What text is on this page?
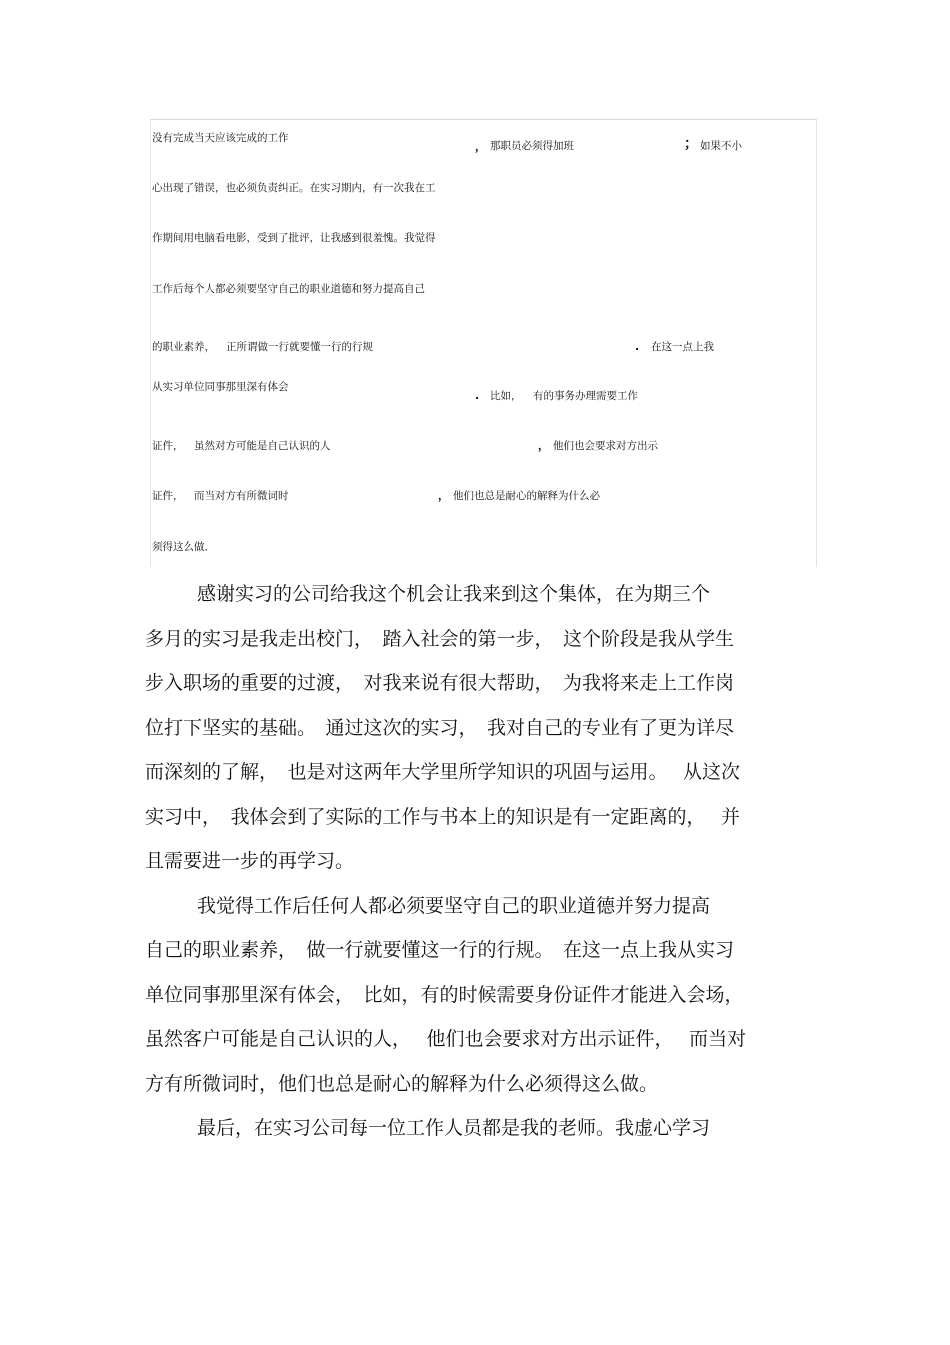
没有完成当天应该完成的工作
， 那职员必须得加班	； 如果不小
心出现了错误，也必须负责纠正。在实习期内，有一次我在工
作期间用电脑看电影，受到了批评，让我感到很羞愧。我觉得
工作后每个人都必须要坚守自己的职业道德和努力提高自己
的职业素养， 正所谓做一行就要懂一行的行规	. 在这一点上我
从实习单位同事那里深有体会
. 比如， 有的事务办理需要工作
证件， 虽然对方可能是自己认识的人	， 他们也会要求对方出示
证件， 而当对方有所微词时	， 他们也总是耐心的解释为什么必
须得这么做．

感谢实习的公司给我这个机会让我来到这个集体，在为期三个
多月的实习是我走出校门，　踏入社会的第一步，　这个阶段是我从学生
步入职场的重要的过渡，　对我来说有很大帮助，　为我将来走上工作岗
位打下坚实的基础。　通过这次的实习，　我对自己的专业有了更为详尽
而深刻的了解，　也是对这两年大学里所学知识的巩固与运用。　 从这次
实习中，　我体会到了实际的工作与书本上的知识是有一定距离的，　 并
且需要进一步的再学习。

我觉得工作后任何人都必须要坚守自己的职业道德并努力提高
自己的职业素养，　做一行就要懂这一行的行规。　在这一点上我从实习
单位同事那里深有体会，　比如，有的时候需要身份证件才能进入会场，
虽然客户可能是自己认识的人，　 他们也会要求对方出示证件，　 而当对
方有所微词时，他们也总是耐心的解释为什么必须得这么做。

最后，在实习公司每一位工作人员都是我的老师。我虚心学习
